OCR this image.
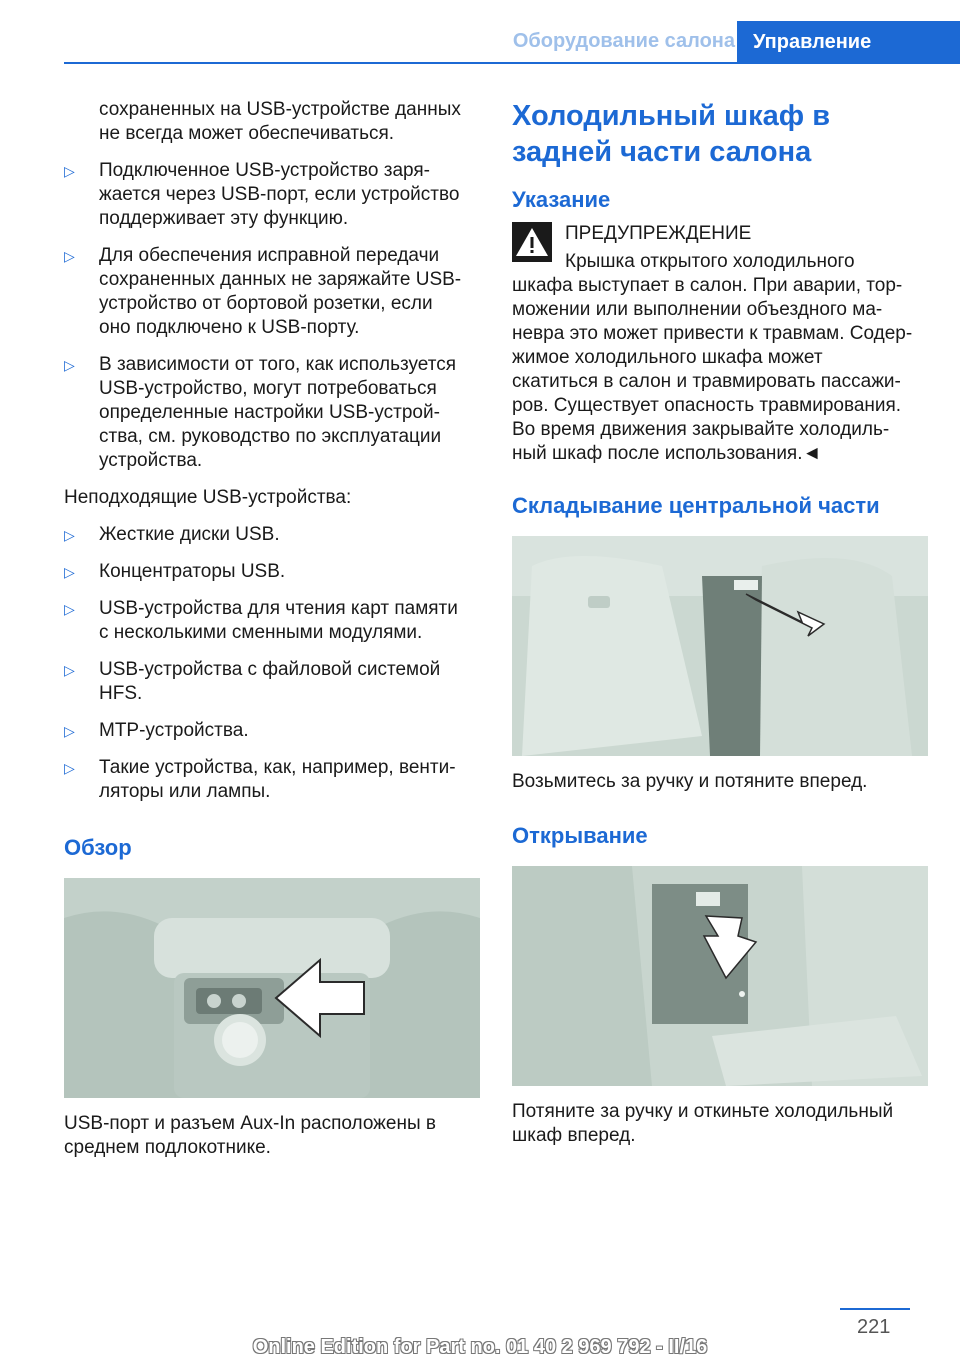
Оборудование салона Управление

сохраненных на USB-устройстве данных

не всегда может обеспечиваться.

▷ Подключенное USB-устройство заря-

жается через USB-порт, если устройство

поддерживает эту функцию.

▷ Для обеспечения исправной передачи

сохраненных данных не заряжайте USB-

устройство от бортовой розетки, если

оно подключено к USB-порту.

▷ В зависимости от того, как используется

USB-устройство, могут потребоваться

определенные настройки USB-устрой-

ства, см. руководство по эксплуатации

устройства.

Неподходящие USB-устройства:

▷ Жесткие диски USB.

▷ Концентраторы USB.

▷ USB-устройства для чтения карт памяти

с несколькими сменными модулями.

▷ USB-устройства с файловой системой

HFS.

▷ MTP-устройства.

▷ Такие устройства, как, например, венти-

ляторы или лампы.

Обзор

USB-порт и разъем Aux-In расположены в

среднем подлокотнике.

Холодильный шкаф в
задней части салона
Указание

ПРЕДУПРЕЖДЕНИЕ

Крышка открытого холодильного

шкафа выступает в салон. При аварии, тор-

можении или выполнении объездного ма-

невра это может привести к травмам. Содер-

жимое холодильного шкафа может

скатиться в салон и травмировать пассажи-

ров. Существует опасность травмирования.

Во время движения закрывайте холодиль-

ный шкаф после использования.◄

Складывание центральной части

Возьмитесь за ручку и потяните вперед.

Открывание

Потяните за ручку и откиньте холодильный

шкаф вперед.

221
Online Edition for Part no. 01 40 2 969 792 - II/16
